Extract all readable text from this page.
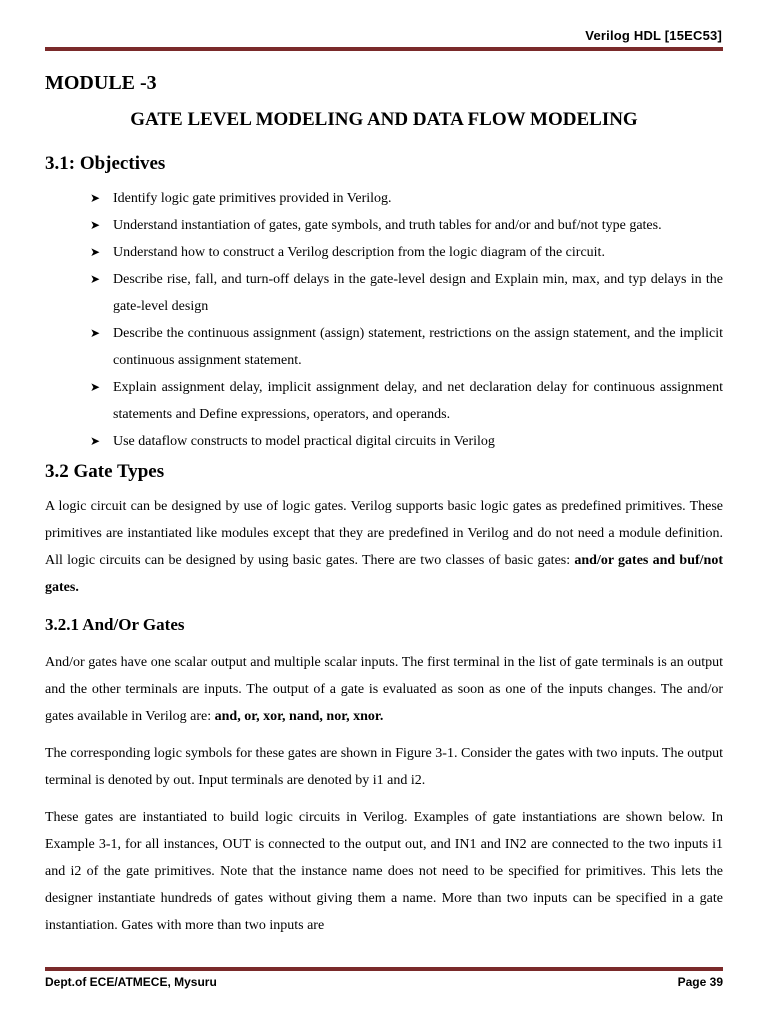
Verilog HDL [15EC53]
MODULE -3
GATE LEVEL MODELING AND DATA FLOW MODELING
3.1: Objectives
➤ Identify logic gate primitives provided in Verilog.
➤ Understand instantiation of gates, gate symbols, and truth tables for and/or and buf/not type gates.
➤ Understand how to construct a Verilog description from the logic diagram of the circuit.
➤ Describe rise, fall, and turn-off delays in the gate-level design and Explain min, max, and typ delays in the gate-level design
➤ Describe the continuous assignment (assign) statement, restrictions on the assign statement, and the implicit continuous assignment statement.
➤ Explain assignment delay, implicit assignment delay, and net declaration delay for continuous assignment statements and Define expressions, operators, and operands.
➤ Use dataflow constructs to model practical digital circuits in Verilog
3.2 Gate Types

A logic circuit can be designed by use of logic gates. Verilog supports basic logic gates as predefined primitives. These primitives are instantiated like modules except that they are predefined in Verilog and do not need a module definition. All logic circuits can be designed by using basic gates. There are two classes of basic gates: and/or gates and buf/not gates.

3.2.1 And/Or Gates

And/or gates have one scalar output and multiple scalar inputs. The first terminal in the list of gate terminals is an output and the other terminals are inputs. The output of a gate is evaluated as soon as one of the inputs changes. The and/or gates available in Verilog are: and, or, xor, nand, nor, xnor.

The corresponding logic symbols for these gates are shown in Figure 3-1. Consider the gates with two inputs. The output terminal is denoted by out. Input terminals are denoted by i1 and i2.

These gates are instantiated to build logic circuits in Verilog. Examples of gate instantiations are shown below. In Example 3-1, for all instances, OUT is connected to the output out, and IN1 and IN2 are connected to the two inputs i1 and i2 of the gate primitives. Note that the instance name does not need to be specified for primitives. This lets the designer instantiate hundreds of gates without giving them a name. More than two inputs can be specified in a gate instantiation. Gates with more than two inputs are

Dept.of ECE/ATMECE, Mysuru	Page 39
